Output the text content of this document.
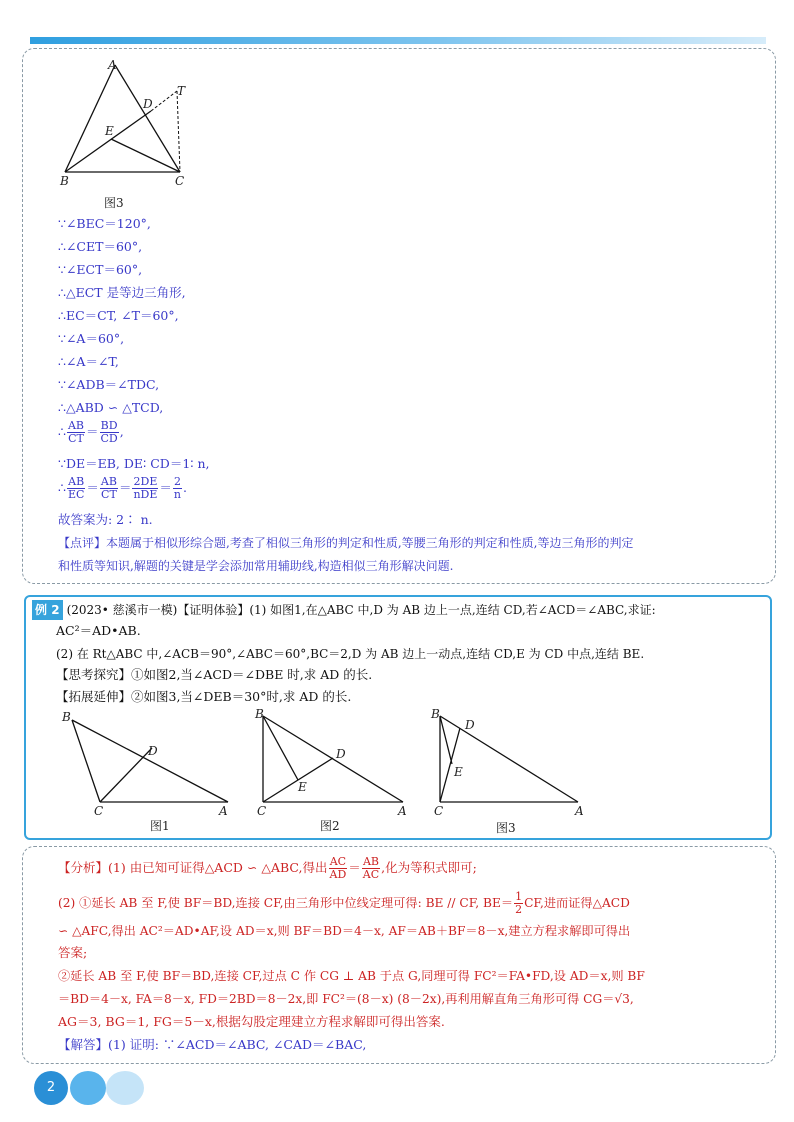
A
D
T
E
B	C
图3
∵∠BEC＝120°,
∴∠CET＝60°,
∵∠ECT＝60°,
∴△ECT 是等边三角形,
∴EC＝CT, ∠T＝60°,
∵∠A＝60°,
∴∠A＝∠T,
∵∠ADB＝∠TDC,
∴△ABD ∽ △TCD,
∴ $\frac{AB}{CT} = \frac{BD}{CD}$ ,
∵DE＝EB, DE∶ CD＝1∶ n,
∴ $\frac{AB}{EC} = \frac{AB}{CT} = \frac{2DE}{\text{nDE}} = \frac{2}{n}$ .
故答案为: 2∶ n.
【点评】本题属于相似形综合题,考查了相似三角形的判定和性质,等腰三角形的判定和性质,等边三角形的判定
和性质等知识,解题的关键是学会添加常用辅助线,构造相似三角形解决问题.
例 2 (2023• 慈溪市一模)【证明体验】(1) 如图1,在△ABC 中,D 为 AB 边上一点,连结 CD,若∠ACD＝∠ABC,求证:
AC²＝AD•AB.
(2) 在 Rt△ABC 中,∠ACB＝90°,∠ABC＝60°,BC＝2,D 为 AB 边上一动点,连结 CD,E 为 CD 中点,连结 BE.
【思考探究】①如图2,当∠ACD＝∠DBE 时,求 AD 的长.
【拓展延伸】②如图3,当∠DEB＝30°时,求 AD 的长.
B
D
C	A
图1
B
D
E
C	A
图2
B
D
E
C	A
图3
【分析】(1) 由已知可证得△ACD ∽ △ABC,得出 $\frac{AC}{AD} = \frac{AB}{AC}$ ,化为等积式即可;
(2) ①延长 AB 至 F,使 BF＝BD,连接 CF,由三角形中位线定理可得: BE // CF, $BE= \frac{1}{2}$ CF,进而证得△ACD
∽ △AFC,得出 AC²＝AD•AF,设 AD＝x,则 BF＝BD＝4－x, AF＝AB＋BF＝8－x,建立方程求解即可得出
答案;
②延长 AB 至 F,使 BF＝BD,连接 CF,过点 C 作 CG ⊥ AB 于点 G,同理可得 FC²＝FA•FD,设 AD＝x,则 BF
＝BD＝4－x, FA＝8－x, FD＝2BD＝8－2x,即 FC²＝(8－x) (8－2x),再利用解直角三角形可得 CG＝√3,
AG＝3, BG＝1, FG＝5－x,根据勾股定理建立方程求解即可得出答案.
【解答】(1) 证明: ∵∠ACD＝∠ABC, ∠CAD＝∠BAC,
2
